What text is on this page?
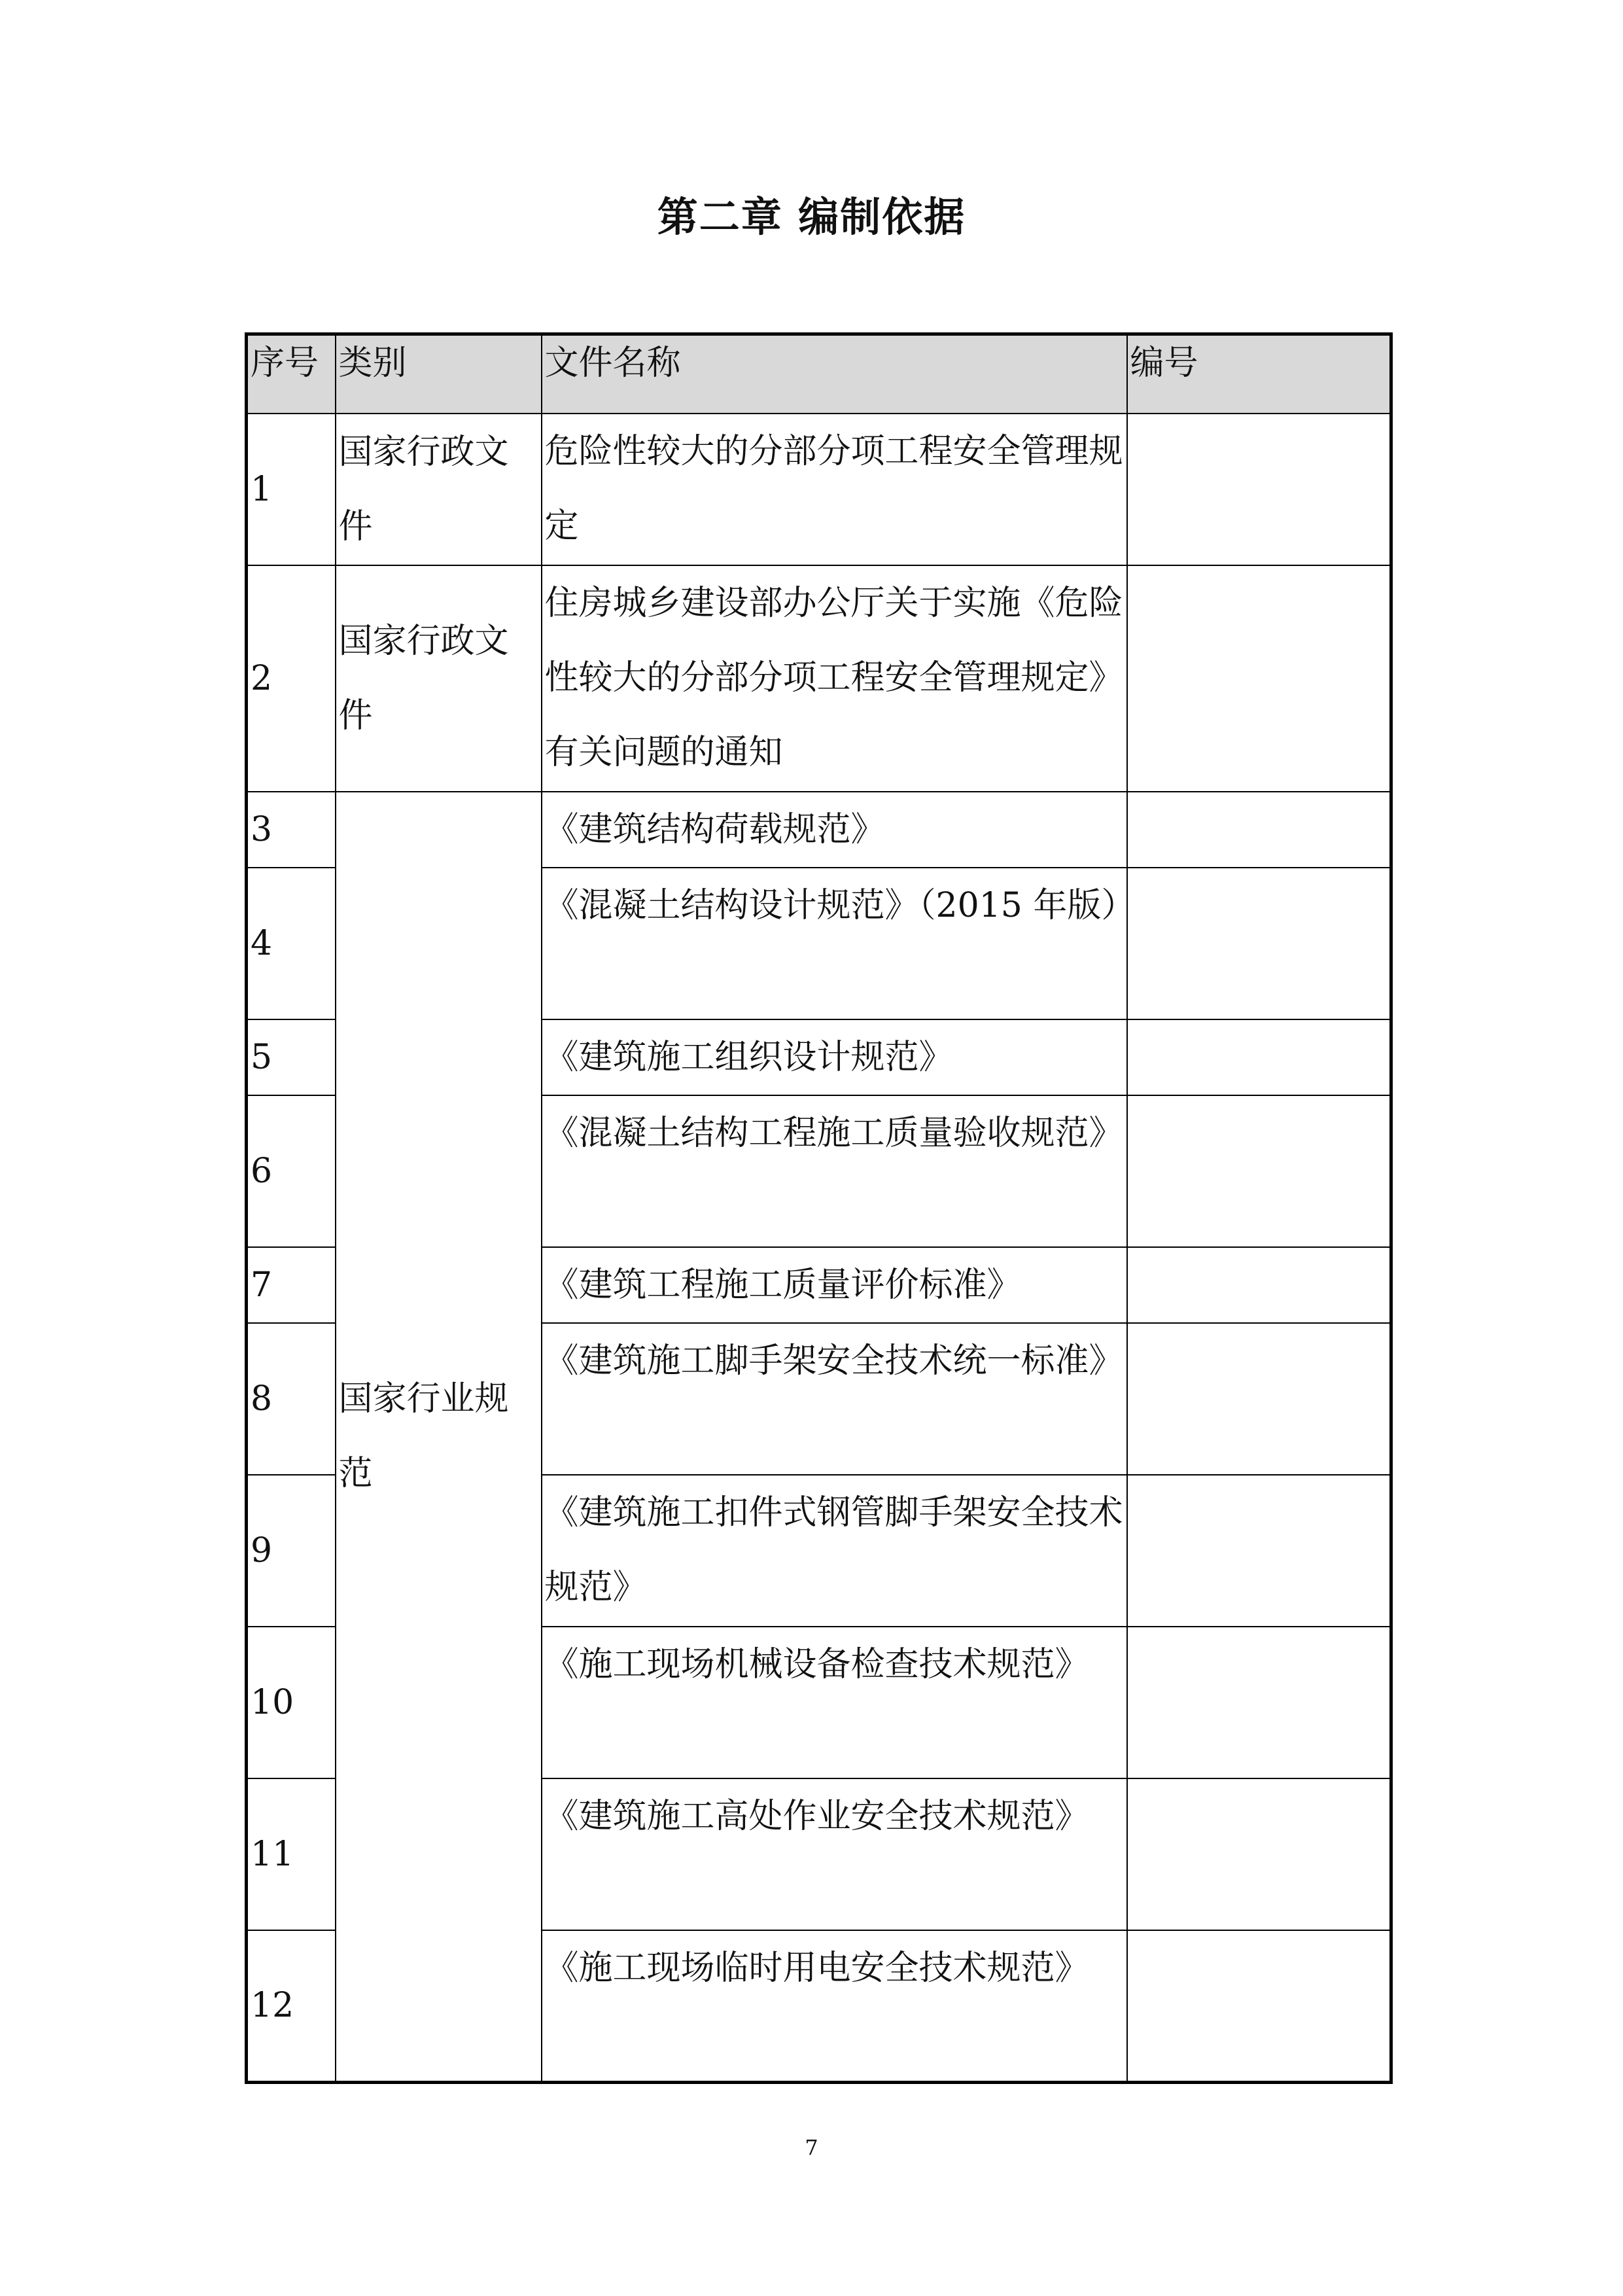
第二章 编制依据
序号	类别	文件名称	编号
1	国家行政文件	危险性较大的分部分项工程安全管理规定	
2	国家行政文件	住房城乡建设部办公厅关于实施《危险性较大的分部分项工程安全管理规定》有关问题的通知	
3	国家行业规范	《建筑结构荷载规范》	
4		《混凝土结构设计规范》（2015 年版）	
5		《建筑施工组织设计规范》	
6		《混凝土结构工程施工质量验收规范》	
7		《建筑工程施工质量评价标准》	
8		《建筑施工脚手架安全技术统一标准》	
9		《建筑施工扣件式钢管脚手架安全技术规范》	
10		《施工现场机械设备检查技术规范》	
11		《建筑施工高处作业安全技术规范》	
12		《施工现场临时用电安全技术规范》	
7
